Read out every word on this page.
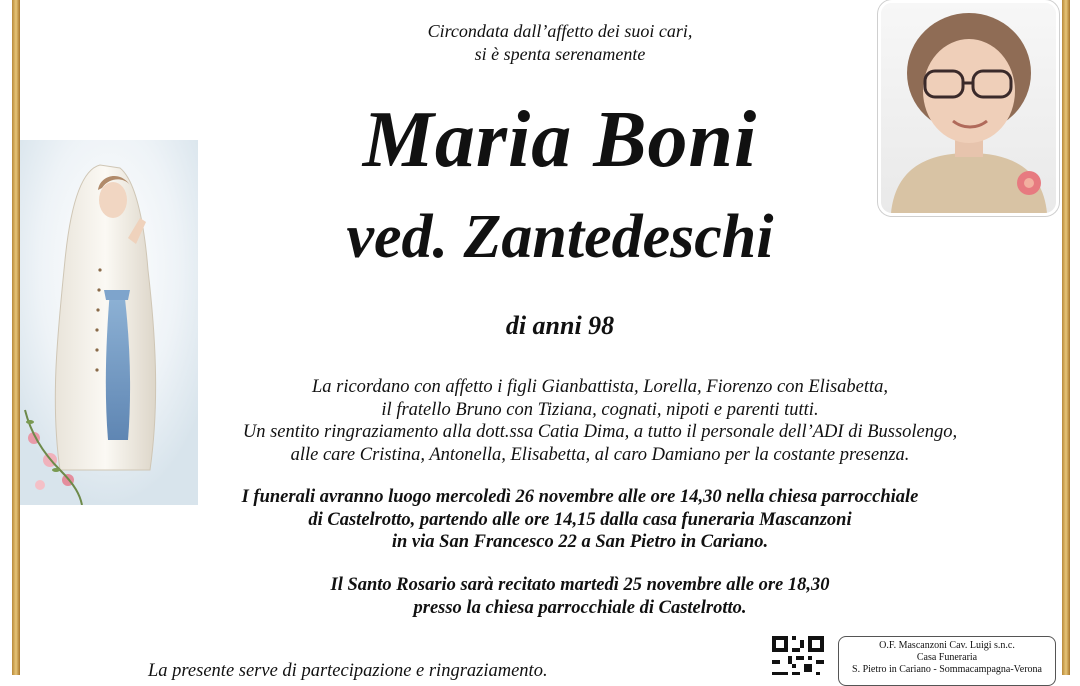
Circondata dall’affetto dei suoi cari,
si è spenta serenamente
Maria Boni
ved. Zantedeschi
di anni 98
La ricordano con affetto i figli Gianbattista, Lorella, Fiorenzo con Elisabetta,
il fratello Bruno con Tiziana, cognati, nipoti e parenti tutti.
Un sentito ringraziamento alla dott.ssa Catia Dima, a tutto il personale dell’ADI di Bussolengo,
alle care Cristina, Antonella, Elisabetta, al caro Damiano per la costante presenza.
I funerali avranno luogo mercoledì 26 novembre alle ore 14,30 nella chiesa parrocchiale
di Castelrotto, partendo alle ore 14,15 dalla casa funeraria Mascanzoni
in via San Francesco 22 a San Pietro in Cariano.
Il Santo Rosario sarà recitato martedì 25 novembre alle ore 18,30
presso la chiesa parrocchiale di Castelrotto.
La presente serve di partecipazione e ringraziamento.
O.F. Mascanzoni Cav. Luigi s.n.c.
Casa Funeraria
S. Pietro in Cariano - Sommacampagna-Verona
